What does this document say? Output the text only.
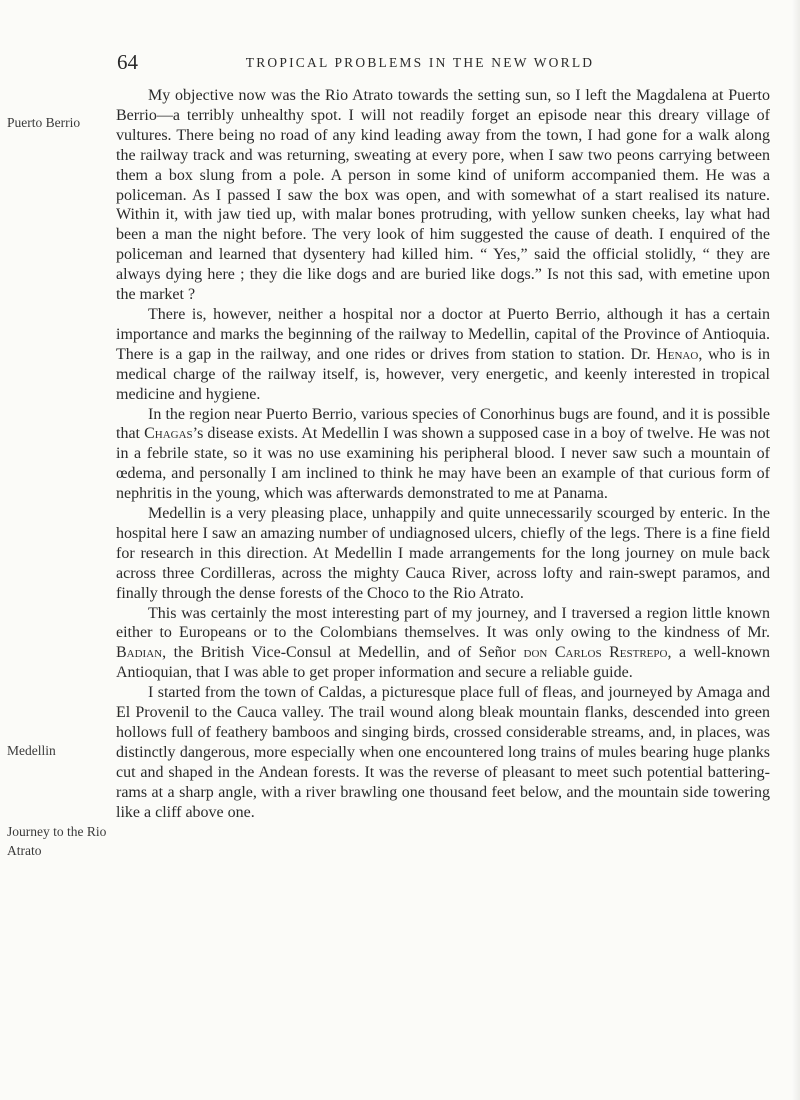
64	TROPICAL PROBLEMS IN THE NEW WORLD
Puerto Berrio
Medellin
Journey to the Rio Atrato

My objective now was the Rio Atrato towards the setting sun, so I left the Magdalena at Puerto Berrio—a terribly unhealthy spot. I will not readily forget an episode near this dreary village of vultures. There being no road of any kind leading away from the town, I had gone for a walk along the railway track and was returning, sweating at every pore, when I saw two peons carrying between them a box slung from a pole. A person in some kind of uniform accompanied them. He was a policeman. As I passed I saw the box was open, and with somewhat of a start realised its nature. Within it, with jaw tied up, with malar bones protruding, with yellow sunken cheeks, lay what had been a man the night before. The very look of him suggested the cause of death. I enquired of the policeman and learned that dysentery had killed him. “ Yes,” said the official stolidly, “ they are always dying here ; they die like dogs and are buried like dogs.” Is not this sad, with emetine upon the market ?

There is, however, neither a hospital nor a doctor at Puerto Berrio, although it has a certain importance and marks the beginning of the railway to Medellin, capital of the Province of Antioquia. There is a gap in the railway, and one rides or drives from station to station. Dr. Henao, who is in medical charge of the railway itself, is, however, very energetic, and keenly interested in tropical medicine and hygiene.

In the region near Puerto Berrio, various species of Conorhinus bugs are found, and it is possible that Chagas’s disease exists. At Medellin I was shown a supposed case in a boy of twelve. He was not in a febrile state, so it was no use examining his peripheral blood. I never saw such a mountain of œdema, and personally I am inclined to think he may have been an example of that curious form of nephritis in the young, which was afterwards demonstrated to me at Panama.

Medellin is a very pleasing place, unhappily and quite unnecessarily scourged by enteric. In the hospital here I saw an amazing number of undiagnosed ulcers, chiefly of the legs. There is a fine field for research in this direction. At Medellin I made arrangements for the long journey on mule back across three Cordilleras, across the mighty Cauca River, across lofty and rain-swept paramos, and finally through the dense forests of the Choco to the Rio Atrato.

This was certainly the most interesting part of my journey, and I traversed a region little known either to Europeans or to the Colombians themselves. It was only owing to the kindness of Mr. Badian, the British Vice-Consul at Medellin, and of Señor don Carlos Restrepo, a well-known Antioquian, that I was able to get proper information and secure a reliable guide.

I started from the town of Caldas, a picturesque place full of fleas, and journeyed by Amaga and El Provenil to the Cauca valley. The trail wound along bleak mountain flanks, descended into green hollows full of feathery bamboos and singing birds, crossed considerable streams, and, in places, was distinctly dangerous, more especially when one encountered long trains of mules bearing huge planks cut and shaped in the Andean forests. It was the reverse of pleasant to meet such potential battering-rams at a sharp angle, with a river brawling one thousand feet below, and the mountain side towering like a cliff above one.
